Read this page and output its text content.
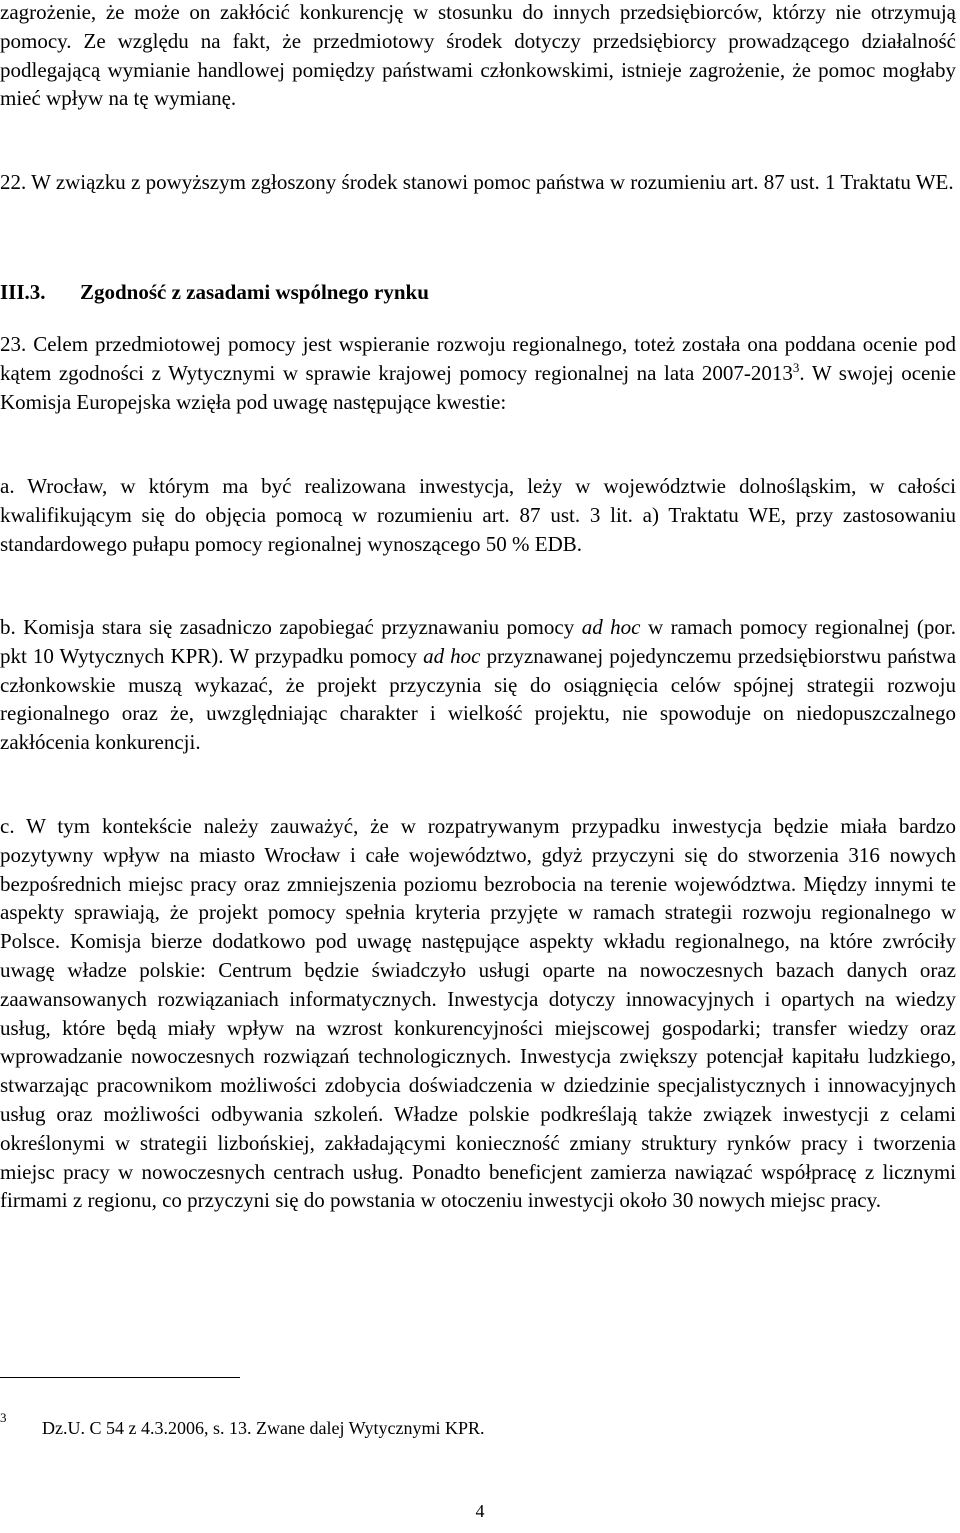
zagrożenie, że może on zakłócić konkurencję w stosunku do innych przedsiębiorców, którzy nie otrzymują pomocy. Ze względu na fakt, że przedmiotowy środek dotyczy przedsiębiorcy prowadzącego działalność podlegającą wymianie handlowej pomiędzy państwami członkowskimi, istnieje zagrożenie, że pomoc mogłaby mieć wpływ na tę wymianę.

22. W związku z powyższym zgłoszony środek stanowi pomoc państwa w rozumieniu art. 87 ust. 1 Traktatu WE.

III.3. Zgodność z zasadami wspólnego rynku

23. Celem przedmiotowej pomocy jest wspieranie rozwoju regionalnego, toteż została ona poddana ocenie pod kątem zgodności z Wytycznymi w sprawie krajowej pomocy regionalnej na lata 2007-2013$^3$. W swojej ocenie Komisja Europejska wzięła pod uwagę następujące kwestie:

a. Wrocław, w którym ma być realizowana inwestycja, leży w województwie dolnośląskim, w całości kwalifikującym się do objęcia pomocą w rozumieniu art. 87 ust. 3 lit. a) Traktatu WE, przy zastosowaniu standardowego pułapu pomocy regionalnej wynoszącego 50 % EDB.

b. Komisja stara się zasadniczo zapobiegać przyznawaniu pomocy ad hoc w ramach pomocy regionalnej (por. pkt 10 Wytycznych KPR). W przypadku pomocy ad hoc przyznawanej pojedynczemu przedsiębiorstwu państwa członkowskie muszą wykazać, że projekt przyczynia się do osiągnięcia celów spójnej strategii rozwoju regionalnego oraz że, uwzględniając charakter i wielkość projektu, nie spowoduje on niedopuszczalnego zakłócenia konkurencji.

c. W tym kontekście należy zauważyć, że w rozpatrywanym przypadku inwestycja będzie miała bardzo pozytywny wpływ na miasto Wrocław i całe województwo, gdyż przyczyni się do stworzenia 316 nowych bezpośrednich miejsc pracy oraz zmniejszenia poziomu bezrobocia na terenie województwa. Między innymi te aspekty sprawiają, że projekt pomocy spełnia kryteria przyjęte w ramach strategii rozwoju regionalnego w Polsce. Komisja bierze dodatkowo pod uwagę następujące aspekty wkładu regionalnego, na które zwróciły uwagę władze polskie: Centrum będzie świadczyło usługi oparte na nowoczesnych bazach danych oraz zaawansowanych rozwiązaniach informatycznych. Inwestycja dotyczy innowacyjnych i opartych na wiedzy usług, które będą miały wpływ na wzrost konkurencyjności miejscowej gospodarki; transfer wiedzy oraz wprowadzanie nowoczesnych rozwiązań technologicznych. Inwestycja zwiększy potencjał kapitału ludzkiego, stwarzając pracownikom możliwości zdobycia doświadczenia w dziedzinie specjalistycznych i innowacyjnych usług oraz możliwości odbywania szkoleń. Władze polskie podkreślają także związek inwestycji z celami określonymi w strategii lizbońskiej, zakładającymi konieczność zmiany struktury rynków pracy i tworzenia miejsc pracy w nowoczesnych centrach usług. Ponadto beneficjent zamierza nawiązać współpracę z licznymi firmami z regionu, co przyczyni się do powstania w otoczeniu inwestycji około 30 nowych miejsc pracy.

3
Dz.U. C 54 z 4.3.2006, s. 13. Zwane dalej Wytycznymi KPR.
4
